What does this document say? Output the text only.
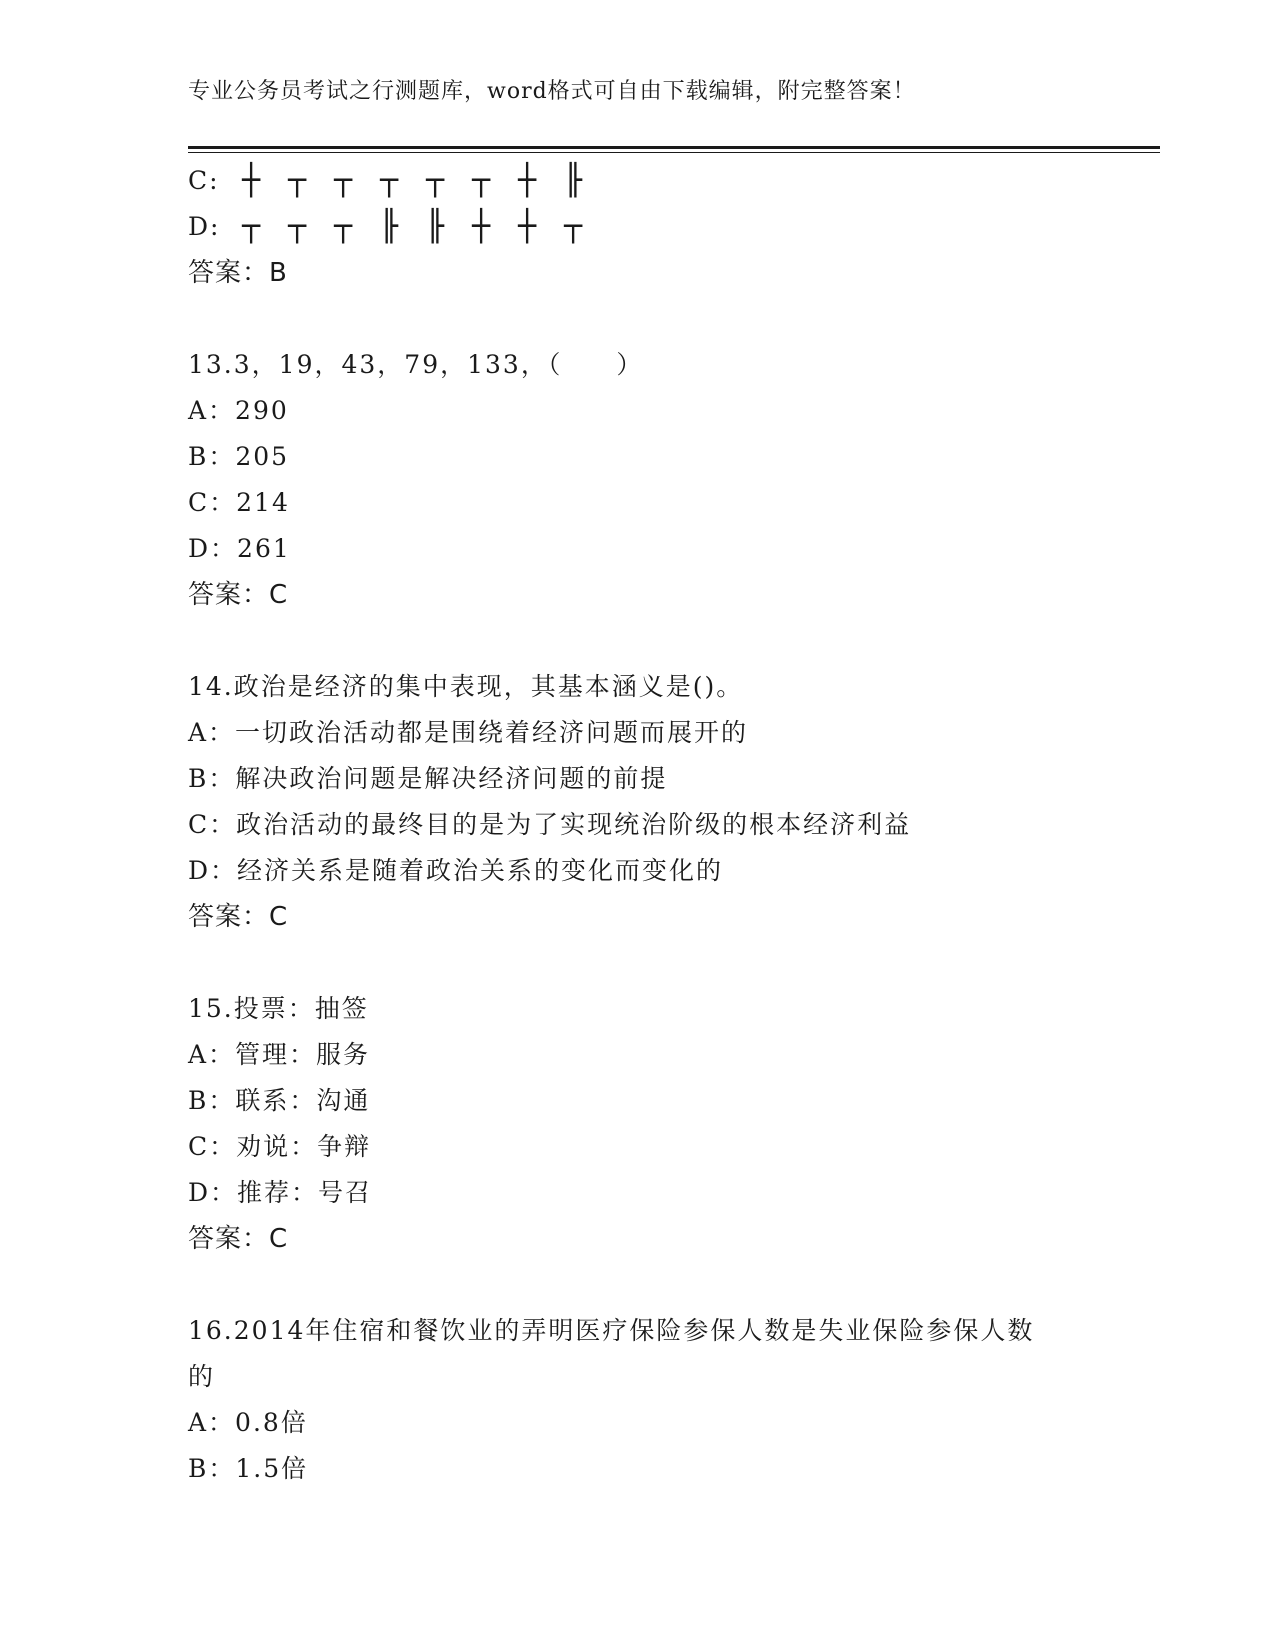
专业公务员考试之行测题库，word格式可自由下载编辑，附完整答案！
C: ┼ ┬ ┬ ┬ ┬ ┬ ┼ ╟
D: ┬ ┬ ┬ ╟ ╟ ┼ ┼ ┬
答案：B
13.3，19，43，79，133，（　　）
A：290
B：205
C：214
D：261
答案：C
14.政治是经济的集中表现，其基本涵义是()。
A：一切政治活动都是围绕着经济问题而展开的
B：解决政治问题是解决经济问题的前提
C：政治活动的最终目的是为了实现统治阶级的根本经济利益
D：经济关系是随着政治关系的变化而变化的
答案：C
15.投票：抽签
A：管理：服务
B：联系：沟通
C：劝说：争辩
D：推荐：号召
答案：C
16.2014年住宿和餐饮业的弄明医疗保险参保人数是失业保险参保人数
的
A：0.8倍
B：1.5倍
